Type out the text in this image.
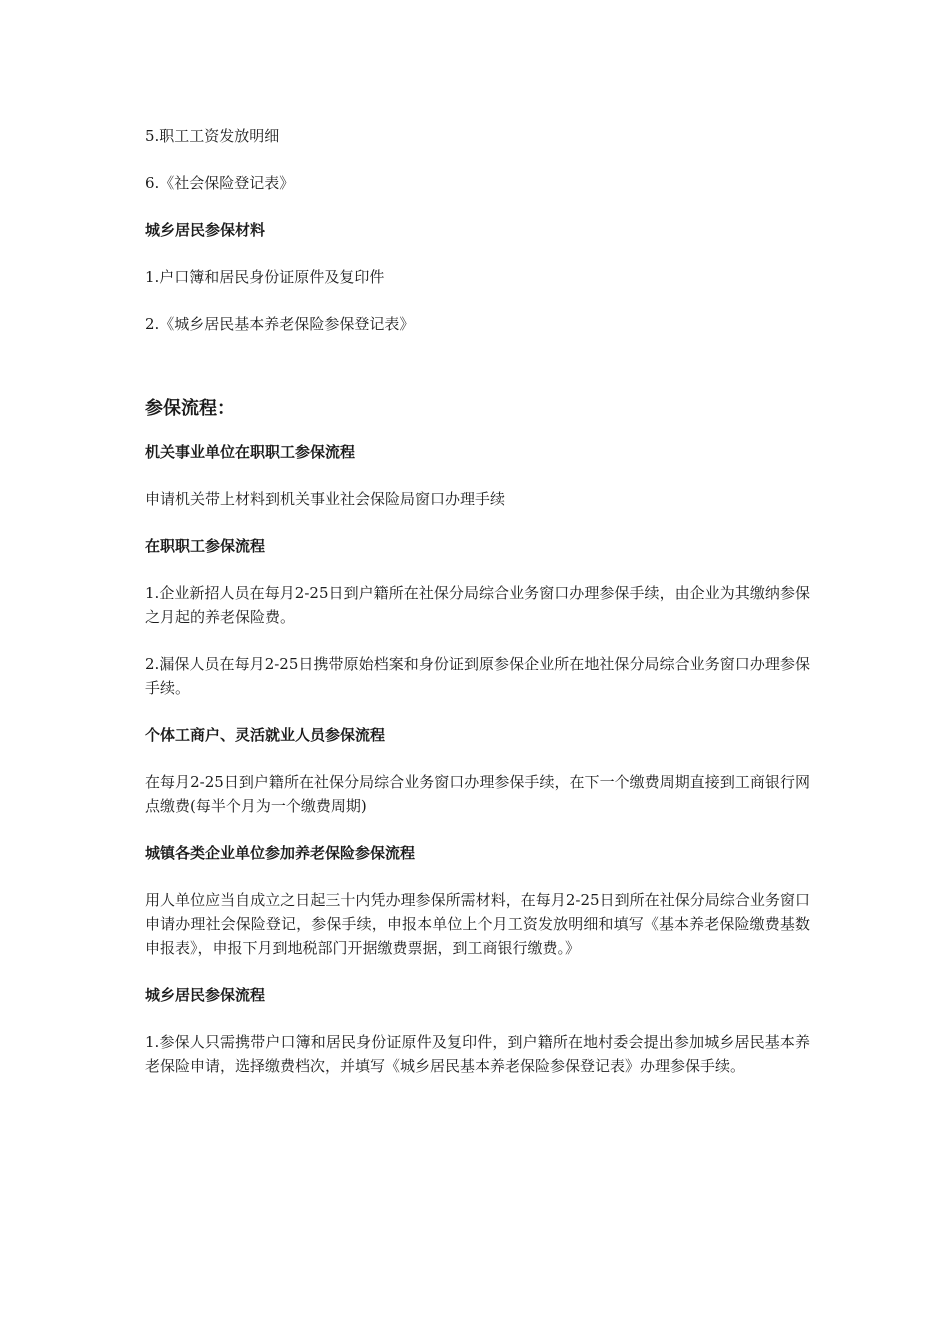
5.职工工资发放明细

6.《社会保险登记表》

城乡居民参保材料

1.户口簿和居民身份证原件及复印件

2.《城乡居民基本养老保险参保登记表》

参保流程：

机关事业单位在职职工参保流程

申请机关带上材料到机关事业社会保险局窗口办理手续

在职职工参保流程

1.企业新招人员在每月2-25日到户籍所在社保分局综合业务窗口办理参保手续，由企业为其缴纳参保之月起的养老保险费。

2.漏保人员在每月2-25日携带原始档案和身份证到原参保企业所在地社保分局综合业务窗口办理参保手续。

个体工商户、灵活就业人员参保流程

在每月2-25日到户籍所在社保分局综合业务窗口办理参保手续，在下一个缴费周期直接到工商银行网点缴费(每半个月为一个缴费周期)

城镇各类企业单位参加养老保险参保流程

用人单位应当自成立之日起三十内凭办理参保所需材料，在每月2-25日到所在社保分局综合业务窗口申请办理社会保险登记，参保手续，申报本单位上个月工资发放明细和填写《基本养老保险缴费基数申报表》，申报下月到地税部门开据缴费票据，到工商银行缴费。》

城乡居民参保流程

1.参保人只需携带户口簿和居民身份证原件及复印件，到户籍所在地村委会提出参加城乡居民基本养老保险申请，选择缴费档次，并填写《城乡居民基本养老保险参保登记表》办理参保手续。
